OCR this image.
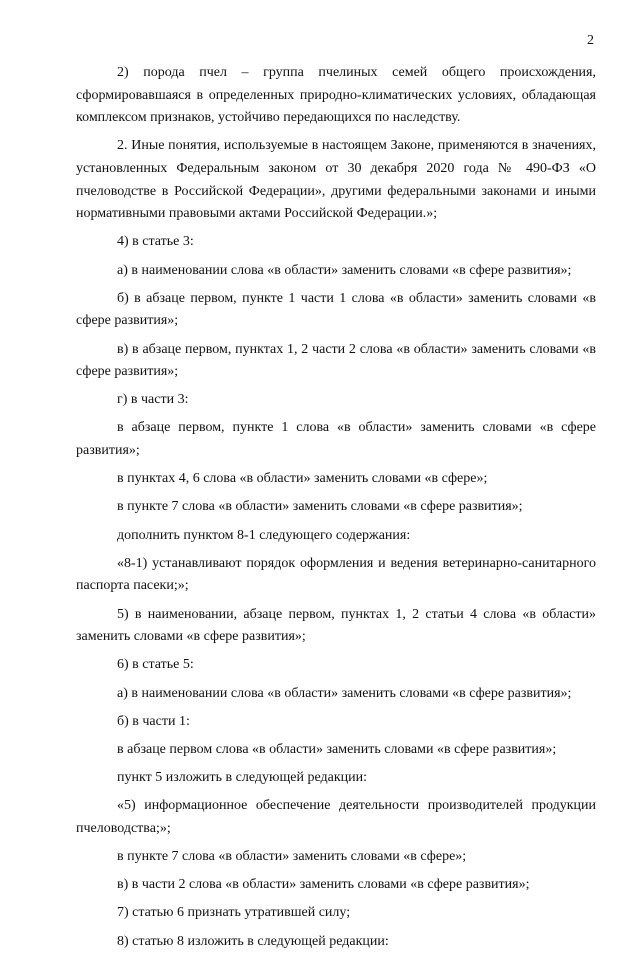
2

2) порода пчел – группа пчелиных семей общего происхождения, сформировавшаяся в определенных природно-климатических условиях, обладающая комплексом признаков, устойчиво передающихся по наследству.

2. Иные понятия, используемые в настоящем Законе, применяются в значениях, установленных Федеральным законом от 30 декабря 2020 года № 490-ФЗ «О пчеловодстве в Российской Федерации», другими федеральными законами и иными нормативными правовыми актами Российской Федерации.»;

4) в статье 3:

а) в наименовании слова «в области» заменить словами «в сфере развития»;

б) в абзаце первом, пункте 1 части 1 слова «в области» заменить словами «в сфере развития»;

в) в абзаце первом, пунктах 1, 2 части 2 слова «в области» заменить словами «в сфере развития»;

г) в части 3:

в абзаце первом, пункте 1 слова «в области» заменить словами «в сфере развития»;

в пунктах 4, 6 слова «в области» заменить словами «в сфере»;

в пункте 7 слова «в области» заменить словами «в сфере развития»;

дополнить пунктом 8-1 следующего содержания:

«8-1) устанавливают порядок оформления и ведения ветеринарно-санитарного паспорта пасеки;»;

5) в наименовании, абзаце первом, пунктах 1, 2 статьи 4 слова «в области» заменить словами «в сфере развития»;

6) в статье 5:

а) в наименовании слова «в области» заменить словами «в сфере развития»;

б) в части 1:

в абзаце первом слова «в области» заменить словами «в сфере развития»;

пункт 5 изложить в следующей редакции:

«5) информационное обеспечение деятельности производителей продукции пчеловодства;»;

в пункте 7 слова «в области» заменить словами «в сфере»;

в) в части 2 слова «в области» заменить словами «в сфере развития»;

7) статью 6 признать утратившей силу;

8) статью 8 изложить в следующей редакции:
